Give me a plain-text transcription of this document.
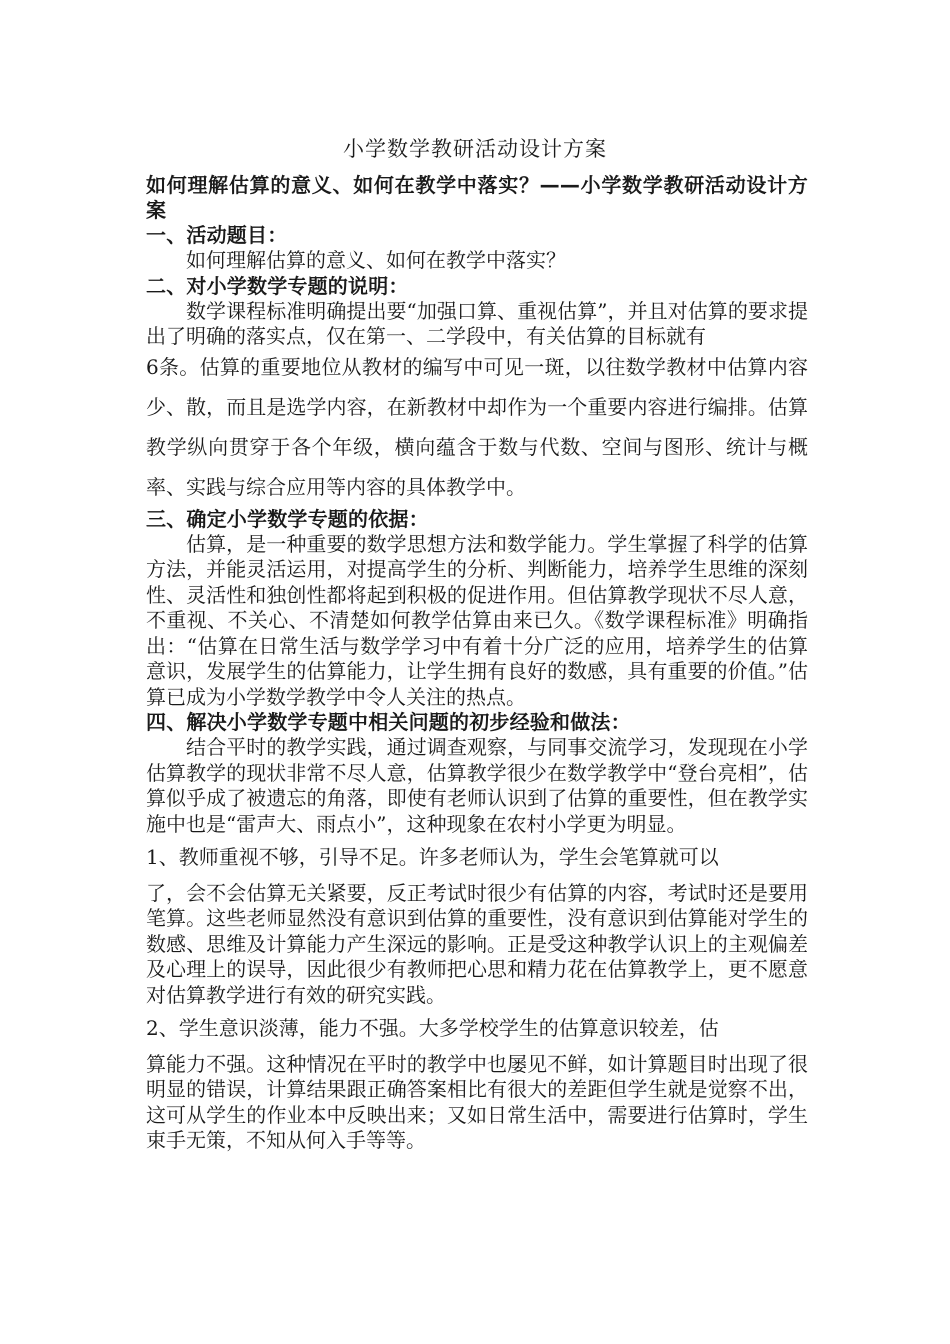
小学数学教研活动设计方案

如何理解估算的意义、如何在教学中落实？——小学数学教研活动设计方案

一、活动题目：

如何理解估算的意义、如何在教学中落实？

二、对小学数学专题的说明：

数学课程标准明确提出要“加强口算、重视估算”，并且对估算的要求提出了明确的落实点，仅在第一、二学段中，有关估算的目标就有

6条。估算的重要地位从教材的编写中可见一斑，以往数学教材中估算内容少、散，而且是选学内容，在新教材中却作为一个重要内容进行编排。估算教学纵向贯穿于各个年级，横向蕴含于数与代数、空间与图形、统计与概率、实践与综合应用等内容的具体教学中。

三、确定小学数学专题的依据：

估算，是一种重要的数学思想方法和数学能力。学生掌握了科学的估算方法，并能灵活运用，对提高学生的分析、判断能力，培养学生思维的深刻性、灵活性和独创性都将起到积极的促进作用。但估算教学现状不尽人意，不重视、不关心、不清楚如何教学估算由来已久。《数学课程标准》明确指出：“估算在日常生活与数学学习中有着十分广泛的应用，培养学生的估算意识，发展学生的估算能力，让学生拥有良好的数感，具有重要的价值。”估算已成为小学数学教学中令人关注的热点。

四、解决小学数学专题中相关问题的初步经验和做法：

结合平时的教学实践，通过调查观察，与同事交流学习，发现现在小学估算教学的现状非常不尽人意，估算教学很少在数学教学中“登台亮相”，估算似乎成了被遗忘的角落，即使有老师认识到了估算的重要性，但在教学实施中也是“雷声大、雨点小”，这种现象在农村小学更为明显。

1、教师重视不够，引导不足。许多老师认为，学生会笔算就可以

了，会不会估算无关紧要，反正考试时很少有估算的内容，考试时还是要用笔算。这些老师显然没有意识到估算的重要性，没有意识到估算能对学生的数感、思维及计算能力产生深远的影响。正是受这种教学认识上的主观偏差及心理上的误导，因此很少有教师把心思和精力花在估算教学上，更不愿意对估算教学进行有效的研究实践。

2、学生意识淡薄，能力不强。大多学校学生的估算意识较差，估

算能力不强。这种情况在平时的教学中也屡见不鲜，如计算题目时出现了很明显的错误，计算结果跟正确答案相比有很大的差距但学生就是觉察不出，这可从学生的作业本中反映出来；又如日常生活中，需要进行估算时，学生束手无策，不知从何入手等等。
